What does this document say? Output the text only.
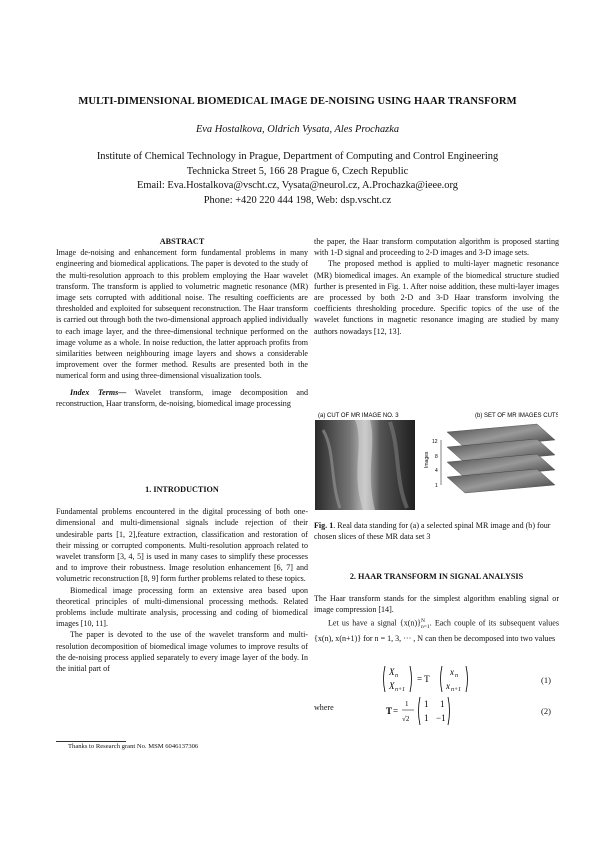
MULTI-DIMENSIONAL BIOMEDICAL IMAGE DE-NOISING USING HAAR TRANSFORM
Eva Hostalkova, Oldrich Vysata, Ales Prochazka
Institute of Chemical Technology in Prague, Department of Computing and Control Engineering
Technicka Street 5, 166 28 Prague 6, Czech Republic
Email: Eva.Hostalkova@vscht.cz, Vysata@neurol.cz, A.Prochazka@ieee.org
Phone: +420 220 444 198, Web: dsp.vscht.cz
ABSTRACT

Image de-noising and enhancement form fundamental problems in many engineering and biomedical applications. The paper is devoted to the study of the multi-resolution approach to this problem employing the Haar wavelet transform. The transform is applied to volumetric magnetic resonance (MR) image sets corrupted with additional noise. The resulting coefficients are thresholded and exploited for subsequent reconstruction. The Haar transform is carried out through both the two-dimensional approach applied individually to each image layer, and the three-dimensional technique performed on the image volume as a whole. In noise reduction, the latter approach profits from similarities between neighbouring image layers and shows a considerable improvement over the former method. Results are presented both in the numerical form and using three-dimensional visualization tools.

Index Terms— Wavelet transform, image decomposition and reconstruction, Haar transform, de-noising, biomedical image processing

1. INTRODUCTION

Fundamental problems encountered in the digital processing of both one-dimensional and multi-dimensional signals include rejection of their undesirable parts [1, 2],feature extraction, classification and restoration of their missing or corrupted components. Multi-resolution approach related to wavelet transform [3, 4, 5] is used in many cases to simplify these processes and to improve their robustness. Image resolution enhancement [6, 7] and volumetric reconstruction [8, 9] form further problems related to these topics.

Biomedical image processing form an extensive area based upon theoretical principles of multi-dimensional processing methods. Related problems include multirate analysis, processing and coding of biomedical images [10, 11].

The paper is devoted to the use of the wavelet transform and multi-resolution decomposition of biomedical image volumes to improve results of the de-noising process applied separately to every image layer of the body. In the initial part of

Thanks to Research grant No. MSM 6046137306

the paper, the Haar transform computation algorithm is proposed starting with 1-D signal and proceeding to 2-D images and 3-D image sets.

The proposed method is applied to multi-layer magnetic resonance (MR) biomedical images. An example of the biomedical structure studied further is presented in Fig. 1. After noise addition, these multi-layer images are processed by both 2-D and 3-D Haar transform involving the coefficients thresholding procedure. Specific topics of the use of the wavelet functions in magnetic resonance imaging are studied by many authors nowadays [12, 13].

(a) CUT OF MR IMAGE NO. 3	(b) SET OF MR IMAGES CUTS
Images
12
8
4
1
Fig. 1. Real data standing for (a) a selected spinal MR image and (b) four chosen slices of these MR data set 3
2. HAAR TRANSFORM IN SIGNAL ANALYSIS

The Haar transform stands for the simplest algorithm enabling signal or image compression [14].

Let us have a signal $\{x(n)\}^N_{n=1}$. Each couple of its subsequent values {x(n), x(n+1)} for n = 1, 3, ··· , N can then be decomposed into two values

X n
X n+1
= T
x n
x n+1
(1)
where	T =
1
√2
1 1
1 −1
(2)
